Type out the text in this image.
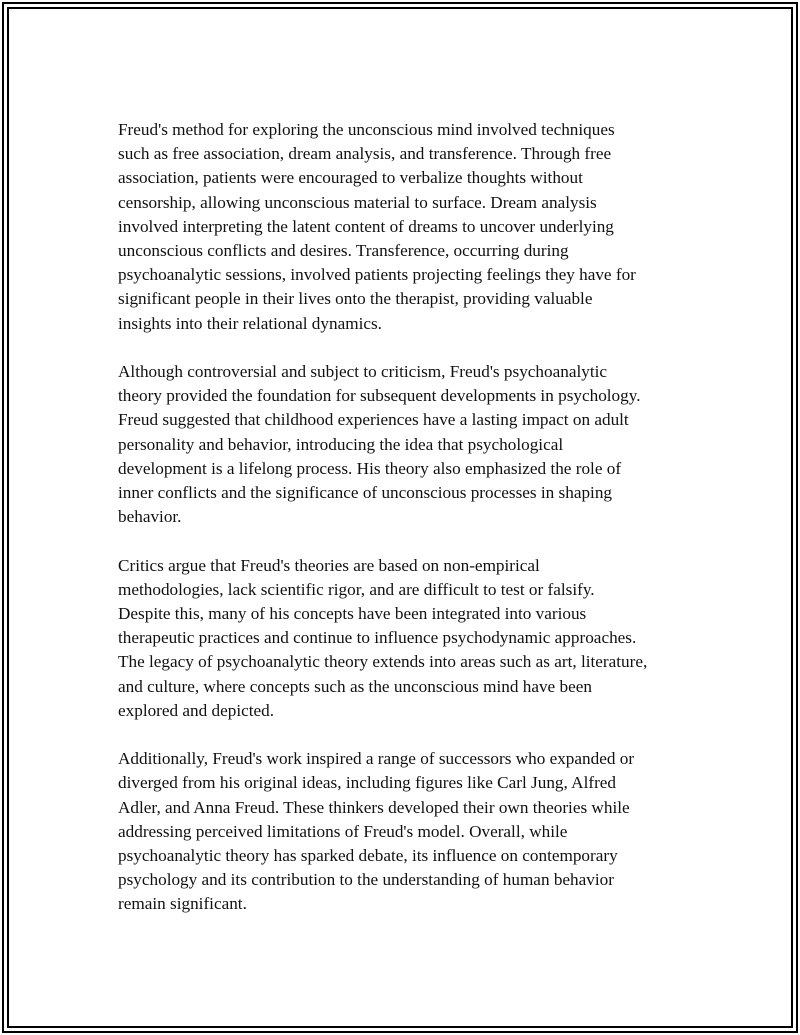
Freud's method for exploring the unconscious mind involved techniques
such as free association, dream analysis, and transference. Through free
association, patients were encouraged to verbalize thoughts without
censorship, allowing unconscious material to surface. Dream analysis
involved interpreting the latent content of dreams to uncover underlying
unconscious conflicts and desires. Transference, occurring during
psychoanalytic sessions, involved patients projecting feelings they have for
significant people in their lives onto the therapist, providing valuable
insights into their relational dynamics.

Although controversial and subject to criticism, Freud's psychoanalytic
theory provided the foundation for subsequent developments in psychology.
Freud suggested that childhood experiences have a lasting impact on adult
personality and behavior, introducing the idea that psychological
development is a lifelong process. His theory also emphasized the role of
inner conflicts and the significance of unconscious processes in shaping
behavior.

Critics argue that Freud's theories are based on non-empirical
methodologies, lack scientific rigor, and are difficult to test or falsify.
Despite this, many of his concepts have been integrated into various
therapeutic practices and continue to influence psychodynamic approaches.
The legacy of psychoanalytic theory extends into areas such as art, literature,
and culture, where concepts such as the unconscious mind have been
explored and depicted.

Additionally, Freud's work inspired a range of successors who expanded or
diverged from his original ideas, including figures like Carl Jung, Alfred
Adler, and Anna Freud. These thinkers developed their own theories while
addressing perceived limitations of Freud's model. Overall, while
psychoanalytic theory has sparked debate, its influence on contemporary
psychology and its contribution to the understanding of human behavior
remain significant.
